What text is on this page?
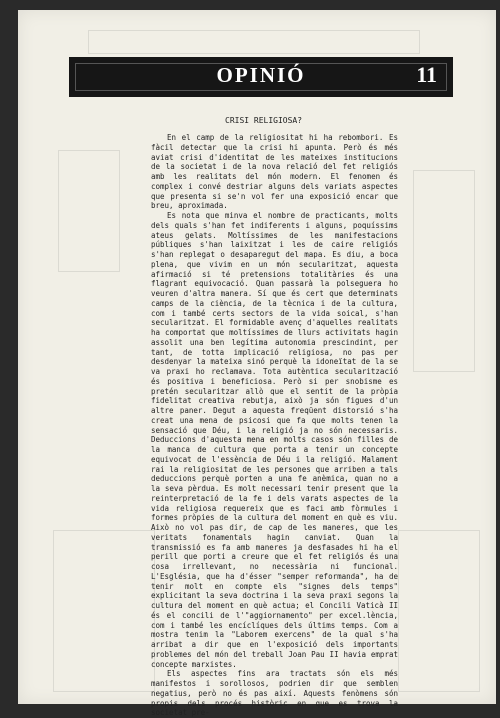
OPINIÓ	11
CRISI RELIGIOSA?

En el camp de la religiositat hi ha rebombori. Es fàcil detectar que la crisi hi apunta. Però és més aviat crisi d'identitat de les mateixes institucions de la societat i de la nova relació del fet religiós amb les realitats del món modern. El fenomen és complex i convé destriar alguns dels variats aspectes que presenta si se'n vol fer una exposició encar que breu, aproximada.

Es nota que minva el nombre de practicants, molts dels quals s'han fet indiferents i alguns, poquíssims ateus gelats. Moltíssimes de les manifestacions públiques s'han laixitzat i les de caire religiós s'han replegat o desaparegut del mapa. Es diu, a boca plena, que vivim en un món secularitzat, aquesta afirmació si té pretensions totalitàries és una flagrant equivocació. Quan passarà la polseguera ho veuren d'altra manera. Sí que és cert que determinats camps de la ciència, de la tècnica i de la cultura, com i també certs sectors de la vida soical, s'han secularitzat. El formidable avenç d'aquelles realitats ha comportat que moltíssimes de llurs activitats hagin assolit una ben legítima autonomia prescindint, per tant, de totta implicació religiosa, no pas per desdenyar la mateixa sinó perquè la idoneïtat de la se va praxi ho reclamava. Tota autèntica secularització és positiva i beneficiosa. Però si per snobisme es pretén secularitzar allò que el sentit de la pròpia fidelitat creativa rebutja, això ja són figues d'un altre paner. Degut a aquesta freqüent distorsió s'ha creat una mena de psicosi que fa que molts tenen la sensació que Déu, i la religió ja no són necessaris. Deduccions d'aquesta mena en molts casos són filles de la manca de cultura que porta a tenir un concepte equivocat de l'essència de Déu i la religió. Malament rai la religiositat de les persones que arriben a tals deduccions perquè porten a una fe anèmica, quan no a la seva pèrdua. Es molt necessari tenir present que la reinterpretació de la fe i dels varats aspectes de la vida religiosa requereix que es faci amb fòrmules i formes pròpies de la cultura del moment en què es viu. Això no vol pas dir, de cap de les maneres, que les veritats fonamentals hagin canviat. Quan la transmissió es fa amb maneres ja desfasades hi ha el perill que porti a creure que el fet religiós és una cosa irrellevant, no necessària ni funcional. L'Església, que ha d'ésser "semper reformanda", ha de tenir molt en compte els "signes dels temps" explicitant la seva doctrina i la seva praxi segons la cultura del moment en què actua; el Concili Vaticà II és el concili de l'"aggiornamento" per excel.lència, com i també les encíclíques dels últims temps. Com a mostra tenim la "Laborem exercens" de la qual s'ha arribat a dir que en l'exposició dels importants problemes del món del treball Joan Pau II havia emprat concepte marxistes.

Els aspectes fins ara tractats són els més manifestos i sorollosos, podrien dir que semblen negatius, però no és pas així. Aquests fenòmens són propis dels procés històric en que es trova la societat pre-
